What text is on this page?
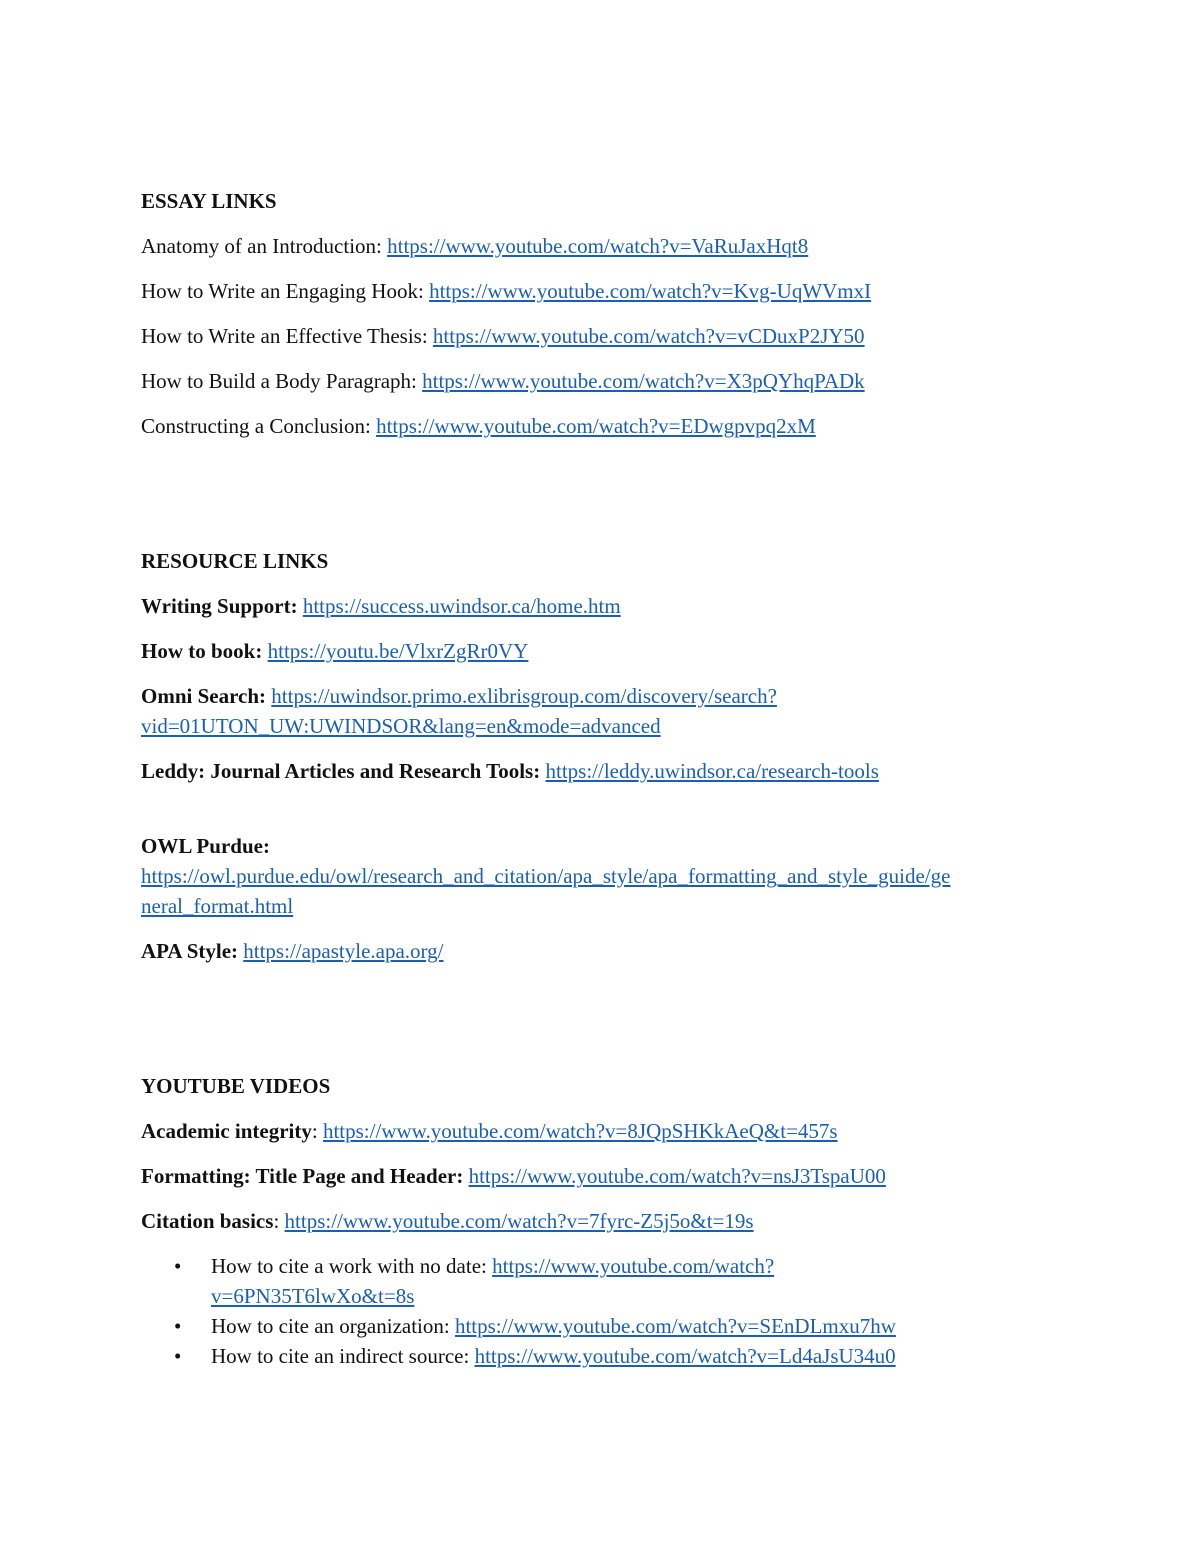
ESSAY LINKS

Anatomy of an Introduction: https://www.youtube.com/watch?v=VaRuJaxHqt8

How to Write an Engaging Hook: https://www.youtube.com/watch?v=Kvg-UqWVmxI

How to Write an Effective Thesis: https://www.youtube.com/watch?v=vCDuxP2JY50

How to Build a Body Paragraph: https://www.youtube.com/watch?v=X3pQYhqPADk

Constructing a Conclusion: https://www.youtube.com/watch?v=EDwgpvpq2xM

RESOURCE LINKS

Writing Support: https://success.uwindsor.ca/home.htm

How to book: https://youtu.be/VlxrZgRr0VY

Omni Search: https://uwindsor.primo.exlibrisgroup.com/discovery/search?

vid=01UTON_UW:UWINDSOR&lang=en&mode=advanced

Leddy: Journal Articles and Research Tools: https://leddy.uwindsor.ca/research-tools

OWL Purdue:

https://owl.purdue.edu/owl/research_and_citation/apa_style/apa_formatting_and_style_guide/ge

neral_format.html

APA Style: https://apastyle.apa.org/

YOUTUBE VIDEOS

Academic integrity: https://www.youtube.com/watch?v=8JQpSHKkAeQ&t=457s

Formatting: Title Page and Header: https://www.youtube.com/watch?v=nsJ3TspaU00

Citation basics: https://www.youtube.com/watch?v=7fyrc-Z5j5o&t=19s

• How to cite a work with no date: https://www.youtube.com/watch?
v=6PN35T6lwXo&t=8s
• How to cite an organization: https://www.youtube.com/watch?v=SEnDLmxu7hw
• How to cite an indirect source: https://www.youtube.com/watch?v=Ld4aJsU34u0
